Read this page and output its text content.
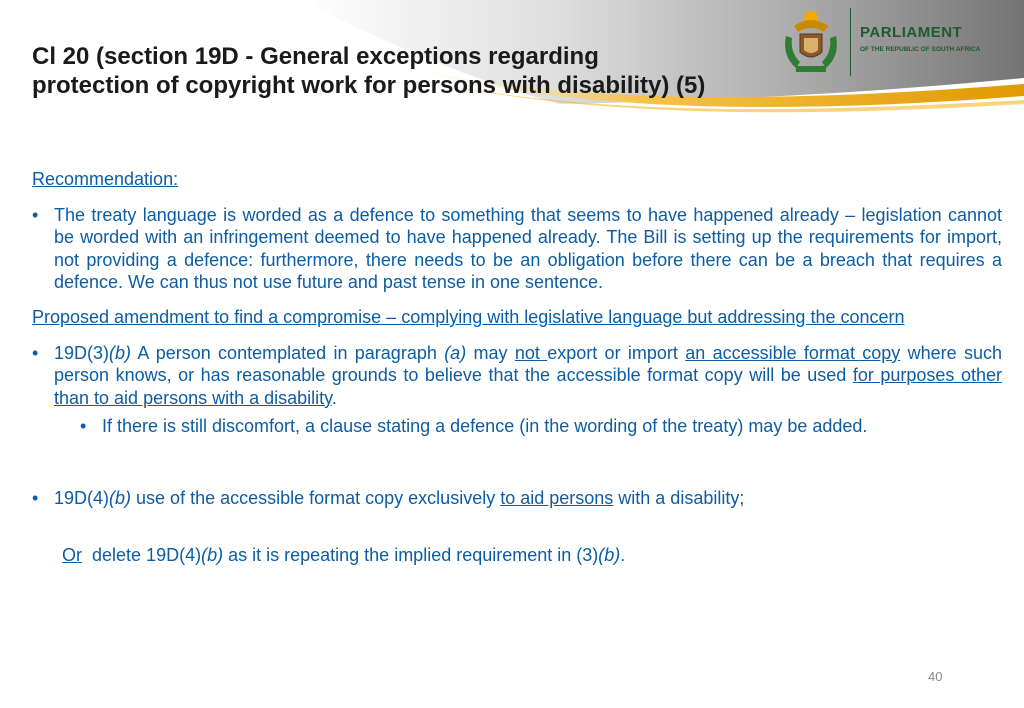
Cl 20 (section 19D - General exceptions regarding
protection of copyright work for persons with disability) (5)
PARLIAMENT
OF THE REPUBLIC OF SOUTH AFRICA

Recommendation:

• The treaty language is worded as a defence to something that seems to have happened already – legislation cannot be worded with an infringement deemed to have happened already. The Bill is setting up the requirements for import, not providing a defence: furthermore, there needs to be an obligation before there can be a breach that requires a defence. We can thus not use future and past tense in one sentence.

Proposed amendment to find a compromise – complying with legislative language but addressing the concern

• 19D(3)(b) A person contemplated in paragraph (a) may not export or import an accessible format copy where such person knows, or has reasonable grounds to believe that the accessible format copy will be used for purposes other than to aid persons with a disability.

• If there is still discomfort, a clause stating a defence (in the wording of the treaty) may be added.

• 19D(4)(b) use of the accessible format copy exclusively to aid persons with a disability;

Or  delete 19D(4)(b) as it is repeating the implied requirement in (3)(b).

40
